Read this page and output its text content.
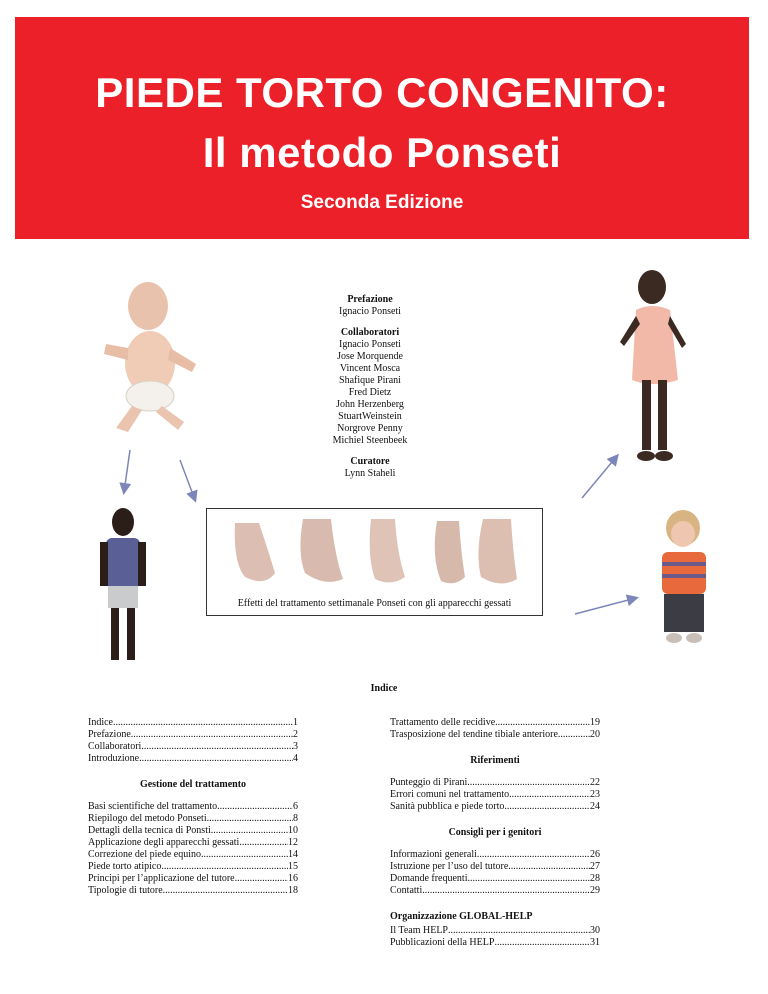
PIEDE TORTO CONGENITO:
Il metodo Ponseti
Seconda Edizione
Prefazione
Ignacio Ponseti
Collaboratori
Ignacio Ponseti
Jose Morquende
Vincent Mosca
Shafique Pirani
Fred Dietz
John Herzenberg
StuartWeinstein
Norgrove Penny
Michiel Steenbeek
Curatore
Lynn Staheli
Effetti del trattamento settimanale Ponseti con gli apparecchi gessati
Indice
Indice .....	1
Prefazione .....	2
Collaboratori .....	3
Introduzione .....	4
Gestione del trattamento
Basi scientifiche del trattamento .....	6
Riepilogo del metodo Ponseti .....	8
Dettagli della tecnica di Ponsti .....	10
Applicazione degli apparecchi gessati .....	12
Correzione del piede equino .....	14
Piede torto atipico .....	15
Principi per l’applicazione del tutore .....	16
Tipologie di tutore .....	18
Trattamento delle recidive .....	19
Trasposizione del tendine tibiale anteriore .....	20
Riferimenti
Punteggio di Pirani .....	22
Errori comuni nel trattamento .....	23
Sanità pubblica e piede torto .....	24
Consigli per i genitori
Informazioni generali .....	26
Istruzione per l’uso del tutore .....	27
Domande frequenti .....	28
Contatti .....	29
Organizzazione GLOBAL-HELP
Il Team HELP .....	30
Pubblicazioni della HELP .....	31
